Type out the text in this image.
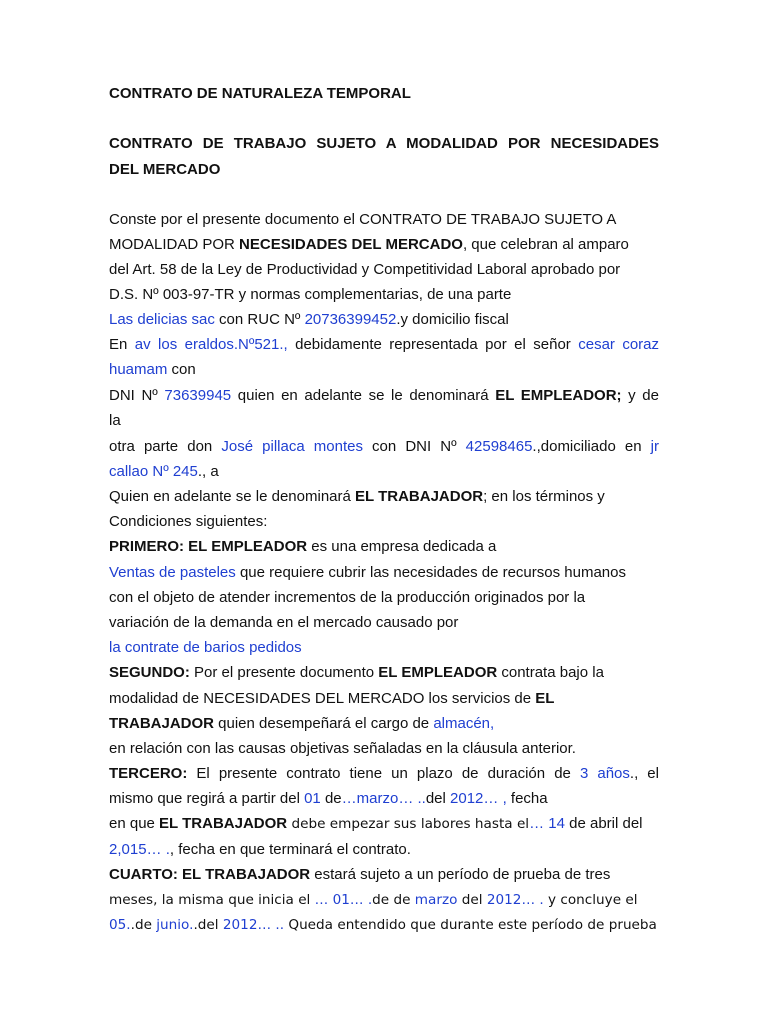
CONTRATO DE NATURALEZA TEMPORAL
CONTRATO DE TRABAJO SUJETO A MODALIDAD POR NECESIDADES
DEL MERCADO
Conste por el presente documento el CONTRATO DE TRABAJO SUJETO A
MODALIDAD POR NECESIDADES DEL MERCADO, que celebran al amparo
del Art. 58 de la Ley de Productividad y Competitividad Laboral aprobado por
D.S. Nº 003-97-TR y normas complementarias, de una parte
Las delicias sac con RUC Nº 20736399452.y domicilio fiscal
En av los eraldos.Nº521., debidamente representada por el señor cesar coraz
huamam con
DNI Nº 73639945 quien en adelante se le denominará EL EMPLEADOR; y de
la
otra parte don José pillaca montes con DNI Nº 42598465.,domiciliado en jr
callao Nº 245., a
Quien en adelante se le denominará EL TRABAJADOR; en los términos y
Condiciones siguientes:
PRIMERO: EL EMPLEADOR es una empresa dedicada a
Ventas de pasteles que requiere cubrir las necesidades de recursos humanos
con el objeto de atender incrementos de la producción originados por la
variación de la demanda en el mercado causado por
la contrate de barios pedidos
SEGUNDO: Por el presente documento EL EMPLEADOR contrata bajo la
modalidad de NECESIDADES DEL MERCADO los servicios de EL
TRABAJADOR quien desempeñará el cargo de almacén,
en relación con las causas objetivas señaladas en la cláusula anterior.
TERCERO: El presente contrato tiene un plazo de duración de 3 años., el
mismo que regirá a partir del 01 de…marzo… ..del 2012… , fecha
en que EL TRABAJADOR debe empezar sus labores hasta el… 14 de abril del
2,015… ., fecha en que terminará el contrato.
CUARTO: EL TRABAJADOR estará sujeto a un período de prueba de tres
meses, la misma que inicia el … 01… .de de marzo del 2012… . y concluye el
05..de junio..del 2012… .. Queda entendido que durante este período de prueba
